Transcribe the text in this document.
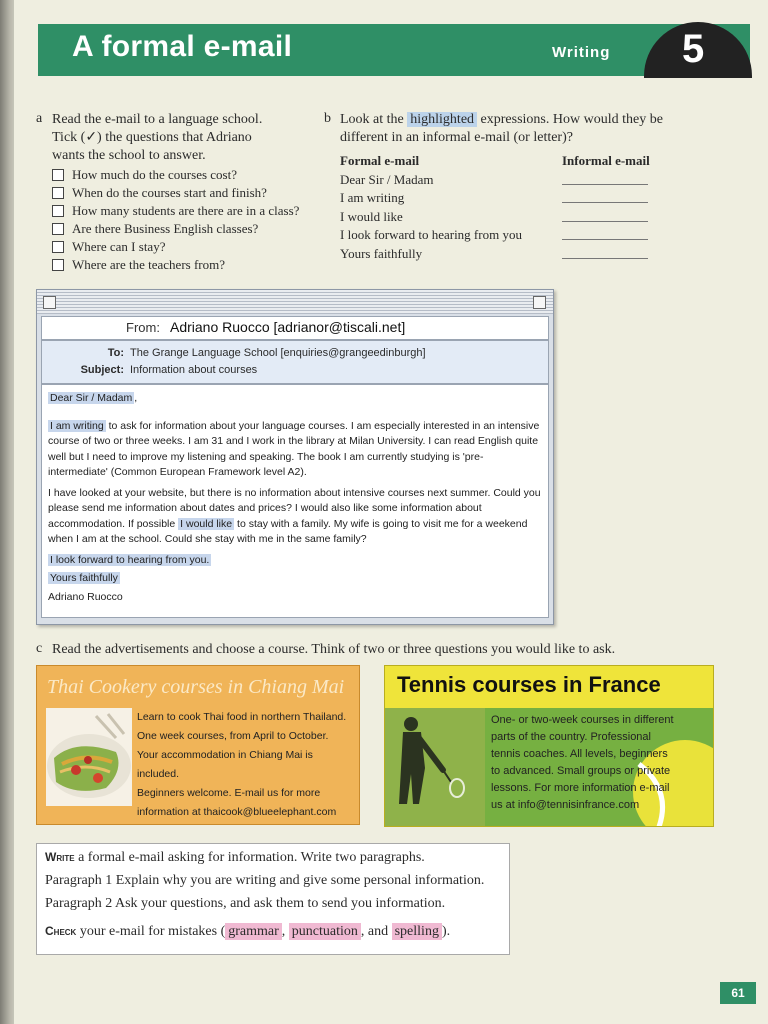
A formal e-mail	Writing 5
a Read the e-mail to a language school.
Tick (✓) the questions that Adriano
wants the school to answer.
How much do the courses cost?
When do the courses start and finish?
How many students are there are in a class?
Are there Business English classes?
Where can I stay?
Where are the teachers from?
b Look at the highlighted expressions. How would they be
different in an informal e-mail (or letter)?
Formal e-mail	Informal e-mail
Dear Sir / Madam
I am writing
I would like
I look forward to hearing from you
Yours faithfully
From: Adriano Ruocco [adrianor@tiscali.net]
To: The Grange Language School [enquiries@grangeedinburgh]
Subject: Information about courses

Dear Sir / Madam ,

I am writing to ask for information about your language courses. I am especially interested in an intensive course of two or three weeks. I am 31 and I work in the library at Milan University. I can read English quite well but I need to improve my listening and speaking. The book I am currently studying is 'pre-intermediate' (Common European Framework level A2).

I have looked at your website, but there is no information about intensive courses next summer. Could you please send me information about dates and prices? I would also like some information about accommodation. If possible I would like to stay with a family. My wife is going to visit me for a weekend when I am at the school. Could she stay with me in the same family?

I look forward to hearing from you.
Yours faithfully
Adriano Ruocco
c Read the advertisements and choose a course. Think of two or three questions you would like to ask.
Thai Cookery courses in Chiang Mai
Learn to cook Thai food in northern Thailand.
One week courses, from April to October.
Your accommodation in Chiang Mai is included.
Beginners welcome. E-mail us for more
information at thaicook@blueelephant.com
Tennis courses in France
One- or two-week courses in different
parts of the country. Professional
tennis coaches. All levels, beginners
to advanced. Small groups or private
lessons. For more information e-mail
us at info@tennisinfrance.com
Write a formal e-mail asking for information. Write two paragraphs.
Paragraph 1 Explain why you are writing and give some personal information.
Paragraph 2 Ask your questions, and ask them to send you information.
Check your e-mail for mistakes ( grammar , punctuation , and spelling ).
61
